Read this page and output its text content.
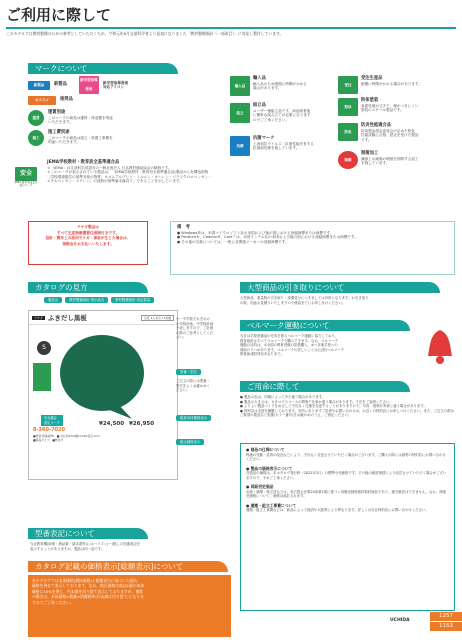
ご利用に際して
このカタログは教材整備のための参考としていただくため、令和元年8月文部科学省より発表になりました「教材整備指針（一部改訂）」に対応し製作しています。
マークについて
新製品	新製品
新学習指導要領
新学習指導要領
対応アイコン
オススメ	推奨品
運賃
運賃別途
このマークの商品は運賃・荷造費を別途
いただきます。
施工
施工費別途
このマークの商品は組立・設置工事費を
別途いただきます。
輸入品
輸入品
輸入品のため納期に時間がかかる
場合があります。
組立
組立品
ユーザー様組立品です。商品到着後
に簡単な組み立てが必要になります
のでご了承ください。
抗菌
抗菌マーク
上表面抗ウイルス・抗菌性能を有する
抗菌剤処理を施しています。
受注
受注生産品
納期に時間がかかる場合があります。
粉体
粉体塗装
表面処理が丈夫で、傷がつきにくい
塗装のスチール製品です。
防炎
防炎性能適合品
防炎製品認定委員会の定めた防炎
性能試験に合格、認定を受けた製品
です。
制菌
制菌加工
繊維上の細菌の増殖を抑制する加工
を施しています。
安全
JEMA 教育用品安全
適合マーク
JEMA学校教材・教育設全基準適合品
＊「JEMA」は文部科学省認可の一般社団法人 日本教材備品協会の略称です。
＊このマークが表示されている製品は、「JEMA学校教材・教育設全基準適合品(製品から有機溶剤物
［学校環境衛生の基準対象の物質：ホルムアルデヒド・トルエン・キシレン・パラジクロロベンゼン・
エチルベンゼン・スチレン］の放散が基準値未満以下」であることを示しています。
ウチダ製品は
すべて生産物賠償責任保険付きです。
設計・製作上の原因でケガ・事故が生じた場合は、
保険金をお支払いいたします。
備　考
● Windows®は、米国マイクロソフト社の米国および他の国における登録商標または商標です。
● Pentium®、Celeron®、Core™は、米国インテル社の米国および他の国における登録商標または商標です。
● その他の名称については、一般に各関連メーカーの登録商標です。
カタログの見方
製品名	教材整備指針 例示品名	教材整備指針 設定数量
ウチダ ふきだし黒板	目安 1人あたり1台数
S
8-360-7020
■材質:紙基板FP　■寸法:約470(幅)×440(高さ)mm
■商品タイプ　■紙付け
¥24,500 ¥26,950
安全適合
認定マーク
小・中学校それぞれの
小学校計画、中学校計画
を表しますので、ご計画
の際のご参考としてくだ
さい。
型番・型式
ご注文の際には型番・
型式をよくお確かめく
ださい。
税抜本体価格表示
税込価格表示
型番表記について
当社教育機(商業・納品書・請求書等)にはハイフン(ー)無しの型番表記を
表示することがありますが、製品は同一品です。
カタログ記載の価格表示[総額表示]について
本カタログでは本体価格(税抜価格)と総額表示に基づいた税込
価格を併せて表示しております。なお、税込価格は商品1個の本体
価格に10%を乗じ、円未満を切り捨て表示しておりますが、複数
の場合は、本体価格×数量×消費税率(円未満は切り捨て)となりま
すのでご了承ください。
大型商品の引き取りについて
大型商品、重量物の引き取り・廃棄処分につきましては有料となります。お引き取り
の際、別途お見積りいたしますので係員までにお申し付けください。
ベルマーク運動について
当社は学校設備品の充実を図るベルマーク運動に協力しており、
教育施設はすべてベルマークで購入できます。なお、ベルマーク
運動の目的は、①全国の教育設備の拡張購入、②へき地学校への
援助の２つがあります。ベルマークの詳しいことは(公財)ベルマーク
教育助成財団宛あなたまで。
ご用命に際して
● 製品の色は、印刷によって多少違う場合があります。
● 製品の大きさは、カタログスペースの関係で比率が違う場合があります。寸法をご参照ください。
● よりよい製品づくりをめざして予告なく仕様を変更することがありますので、写真・規格が実物と違う場合があります。
● 特約店は全国を網羅しております。各所にありますご用命やお問い合わせは、お近くの特約店にお申しつけください。また、ご注文の際はご要望の製品名と型番(カラー番号)をお確かめのうえ、ご指定ください。
● 商品の仕様について
物価の変動・品質の改良などにより、予告なく変更させていただく場合がございます。ご購入の際には最寄の特約店にお問い合わせください。
● 製品の価格表示について
各製品の価格は、本カタログ発行時（2022年3月）の標準小売価格です。その後の経済事情により改訂させていただく場合がございますので、予めご了承ください。
● 再販売定価品
出版・新聞・紙芝居などは、独占禁止法第24条第2項に基づく再販売価格維持契約商品であり、割引販売はできません。なお、再販売価格について、価格は改訂されます。
● 運搬・組立工事費について
運搬・組立工事費などは、商品によって経済や大阪等により異なります。詳しくは当社特約店にお問い合わせください。
UCHIDA
1257
1153
